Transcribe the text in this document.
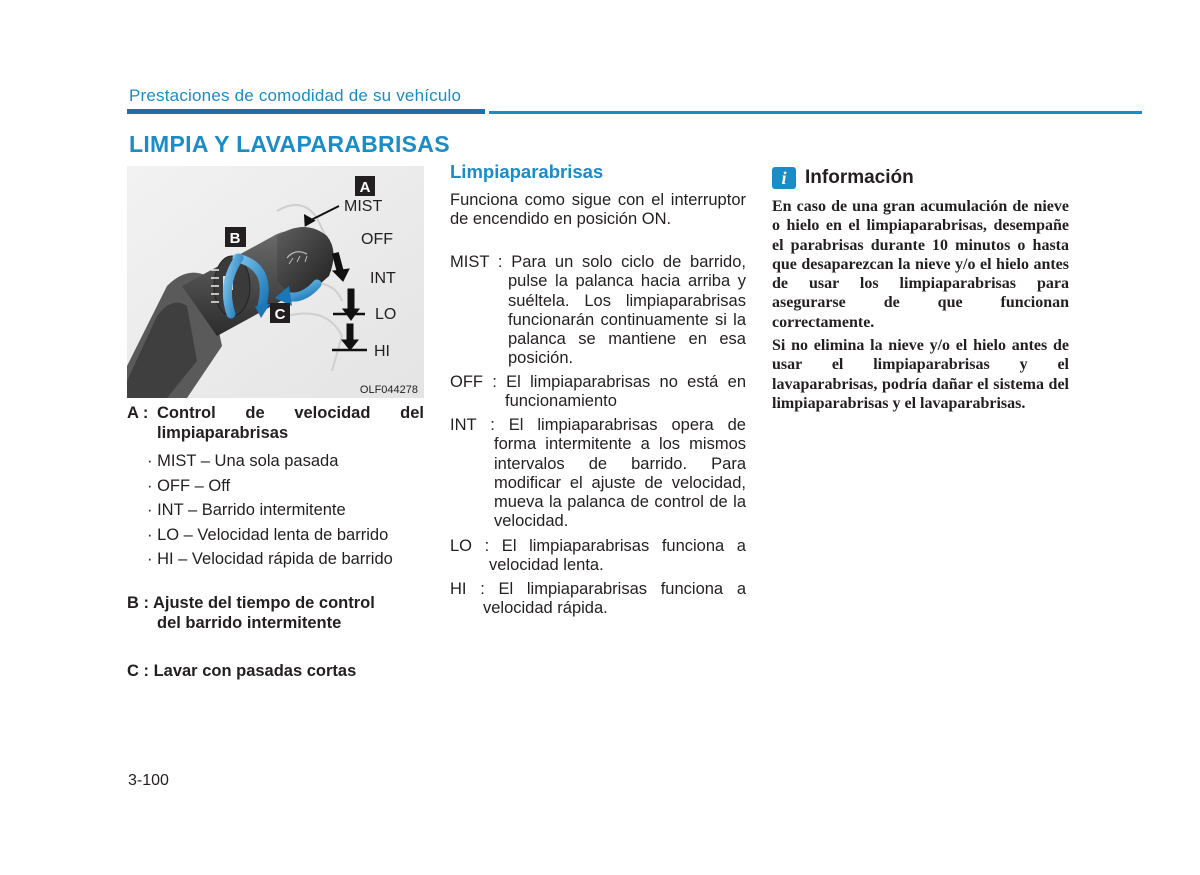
Prestaciones de comodidad de su vehículo
LIMPIA Y LAVAPARABRISAS
A
B
C
MIST
OFF
INT
LO
HI
OLF044278
A : Control de velocidad del
limpiaparabrisas
· MIST – Una sola pasada
· OFF – Off
· INT – Barrido intermitente
· LO – Velocidad lenta de barrido
· HI – Velocidad rápida de barrido
B : Ajuste del tiempo de control
del barrido intermitente
C : Lavar con pasadas cortas
Limpiaparabrisas
Funciona como sigue con el interruptor de encendido en posición ON.
MIST : Para un solo ciclo de barrido,
pulse la palanca hacia arriba y suéltela. Los limpiaparabrisas funcionarán continuamente si la palanca se mantiene en esa posición.
OFF : El limpiaparabrisas no está en
funcionamiento
INT : El limpiaparabrisas opera de
forma intermitente a los mismos intervalos de barrido. Para modificar el ajuste de velocidad, mueva la palanca de control de la velocidad.
LO : El limpiaparabrisas funciona a
velocidad lenta.
HI : El limpiaparabrisas funciona a
velocidad rápida.
i Información
En caso de una gran acumulación de nieve o hielo en el limpiaparabrisas, desempañe el parabrisas durante 10 minutos o hasta que desaparezcan la nieve y/o el hielo antes de usar los limpiaparabrisas para asegurarse de que funcionan correctamente.
Si no elimina la nieve y/o el hielo antes de usar el limpiaparabrisas y el lavaparabrisas, podría dañar el sistema del limpiaparabrisas y el lavaparabrisas.
3-100
